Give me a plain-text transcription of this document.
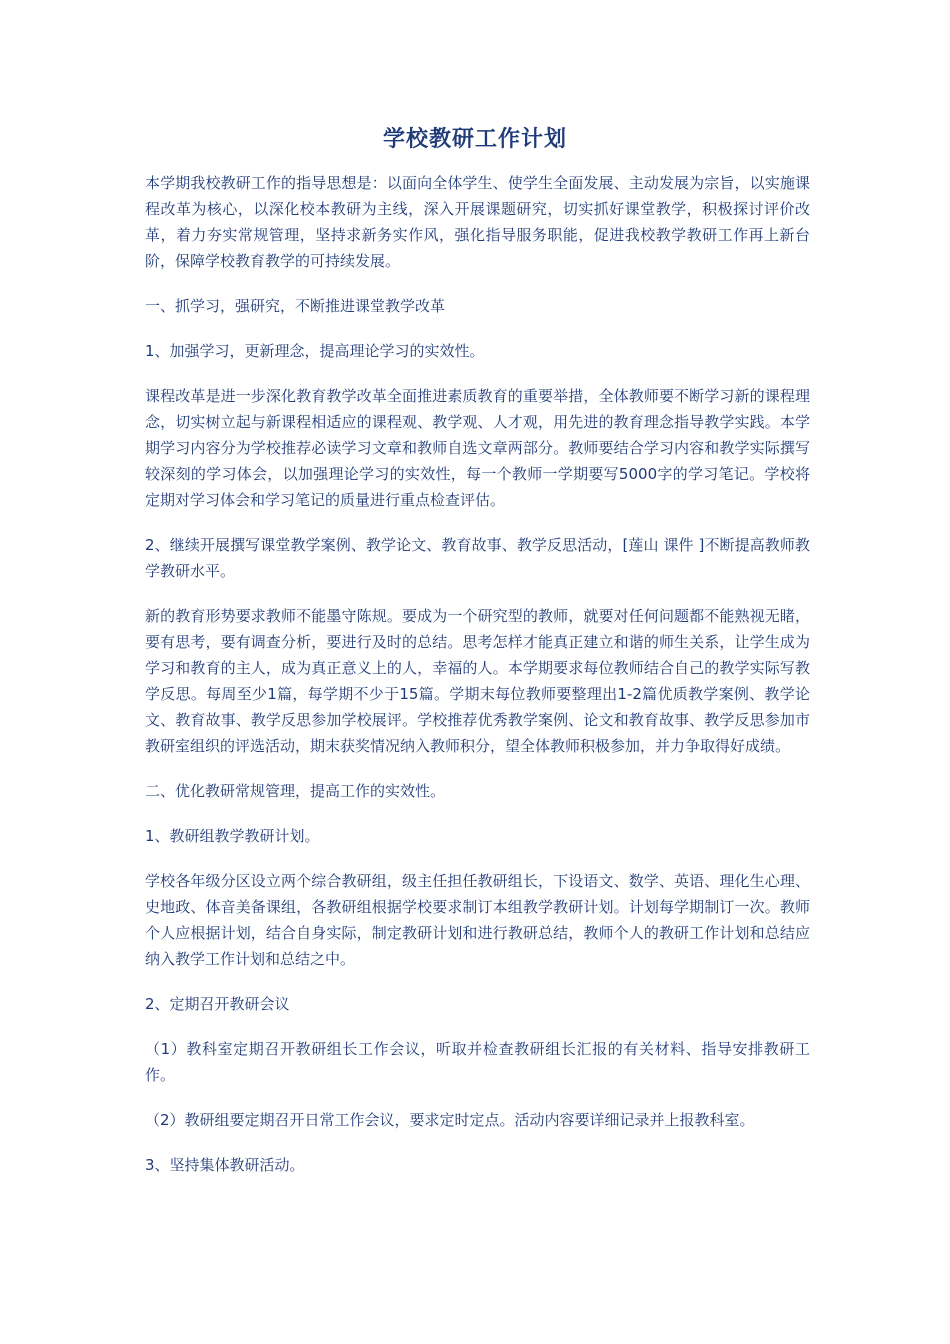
学校教研工作计划

本学期我校教研工作的指导思想是：以面向全体学生、使学生全面发展、主动发展为宗旨，以实施课程改革为核心，以深化校本教研为主线，深入开展课题研究，切实抓好课堂教学，积极探讨评价改革，着力夯实常规管理，坚持求新务实作风，强化指导服务职能，促进我校教学教研工作再上新台阶，保障学校教育教学的可持续发展。

一、抓学习，强研究，不断推进课堂教学改革

1、加强学习，更新理念，提高理论学习的实效性。

课程改革是进一步深化教育教学改革全面推进素质教育的重要举措，全体教师要不断学习新的课程理念，切实树立起与新课程相适应的课程观、教学观、人才观，用先进的教育理念指导教学实践。本学期学习内容分为学校推荐必读学习文章和教师自选文章两部分。教师要结合学习内容和教学实际撰写较深刻的学习体会，以加强理论学习的实效性，每一个教师一学期要写5000字的学习笔记。学校将定期对学习体会和学习笔记的质量进行重点检查评估。

2、继续开展撰写课堂教学案例、教学论文、教育故事、教学反思活动，[莲山 课件 ]不断提高教师教学教研水平。

新的教育形势要求教师不能墨守陈规。要成为一个研究型的教师，就要对任何问题都不能熟视无睹，要有思考，要有调查分析，要进行及时的总结。思考怎样才能真正建立和谐的师生关系，让学生成为学习和教育的主人，成为真正意义上的人，幸福的人。本学期要求每位教师结合自己的教学实际写教学反思。每周至少1篇，每学期不少于15篇。学期末每位教师要整理出1-2篇优质教学案例、教学论文、教育故事、教学反思参加学校展评。学校推荐优秀教学案例、论文和教育故事、教学反思参加市教研室组织的评选活动，期末获奖情况纳入教师积分，望全体教师积极参加，并力争取得好成绩。

二、优化教研常规管理，提高工作的实效性。

1、教研组教学教研计划。

学校各年级分区设立两个综合教研组，级主任担任教研组长，下设语文、数学、英语、理化生心理、史地政、体音美备课组，各教研组根据学校要求制订本组教学教研计划。计划每学期制订一次。教师个人应根据计划，结合自身实际，制定教研计划和进行教研总结，教师个人的教研工作计划和总结应纳入教学工作计划和总结之中。

2、定期召开教研会议

（1）教科室定期召开教研组长工作会议，听取并检查教研组长汇报的有关材料、指导安排教研工作。

（2）教研组要定期召开日常工作会议，要求定时定点。活动内容要详细记录并上报教科室。

3、坚持集体教研活动。
